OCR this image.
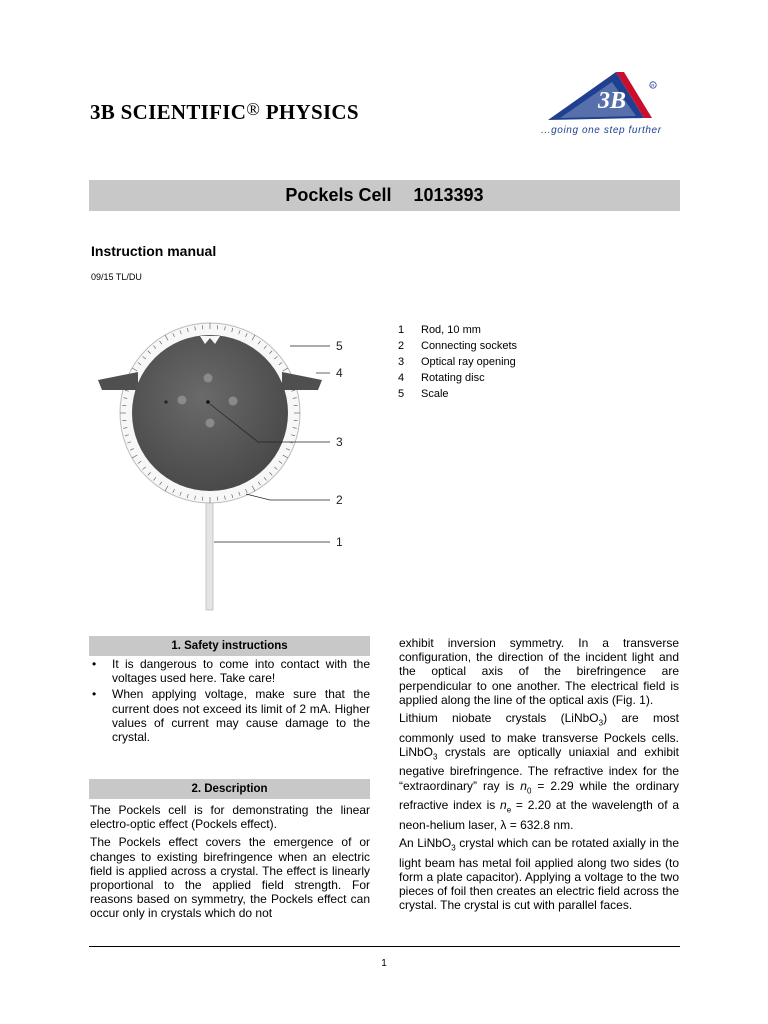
3B SCIENTIFIC® PHYSICS	3B
R
...going one step further
Pockels Cell 1013393
Instruction manual
09/15 TL/DU
5
4
3
2
1
1	Rod, 10 mm
2	Connecting sockets
3	Optical ray opening
4	Rotating disc
5	Scale
1. Safety instructions
• It is dangerous to come into contact with the voltages used here. Take care!
• When applying voltage, make sure that the current does not exceed its limit of 2 mA. Higher values of current may cause damage to the crystal.
2. Description

The Pockels cell is for demonstrating the linear electro-optic effect (Pockels effect).

The Pockels effect covers the emergence of or changes to existing birefringence when an electric field is applied across a crystal. The effect is linearly proportional to the applied field strength. For reasons based on symmetry, the Pockels effect can occur only in crystals which do not

exhibit inversion symmetry. In a transverse configuration, the direction of the incident light and the optical axis of the birefringence are perpendicular to one another. The electrical field is applied along the line of the optical axis (Fig. 1).

Lithium niobate crystals (LiNbO$_3$) are most commonly used to make transverse Pockels cells. LiNbO$_3$ crystals are optically uniaxial and exhibit negative birefringence. The refractive index for the “extraordinary” ray is $n_0 = 2.29$ while the ordinary refractive index is $n_e = 2.20$ at the wavelength of a neon-helium laser, λ = 632.8 nm.

An LiNbO$_3$ crystal which can be rotated axially in the light beam has metal foil applied along two sides (to form a plate capacitor). Applying a voltage to the two pieces of foil then creates an electric field across the crystal. The crystal is cut with parallel faces.

1
